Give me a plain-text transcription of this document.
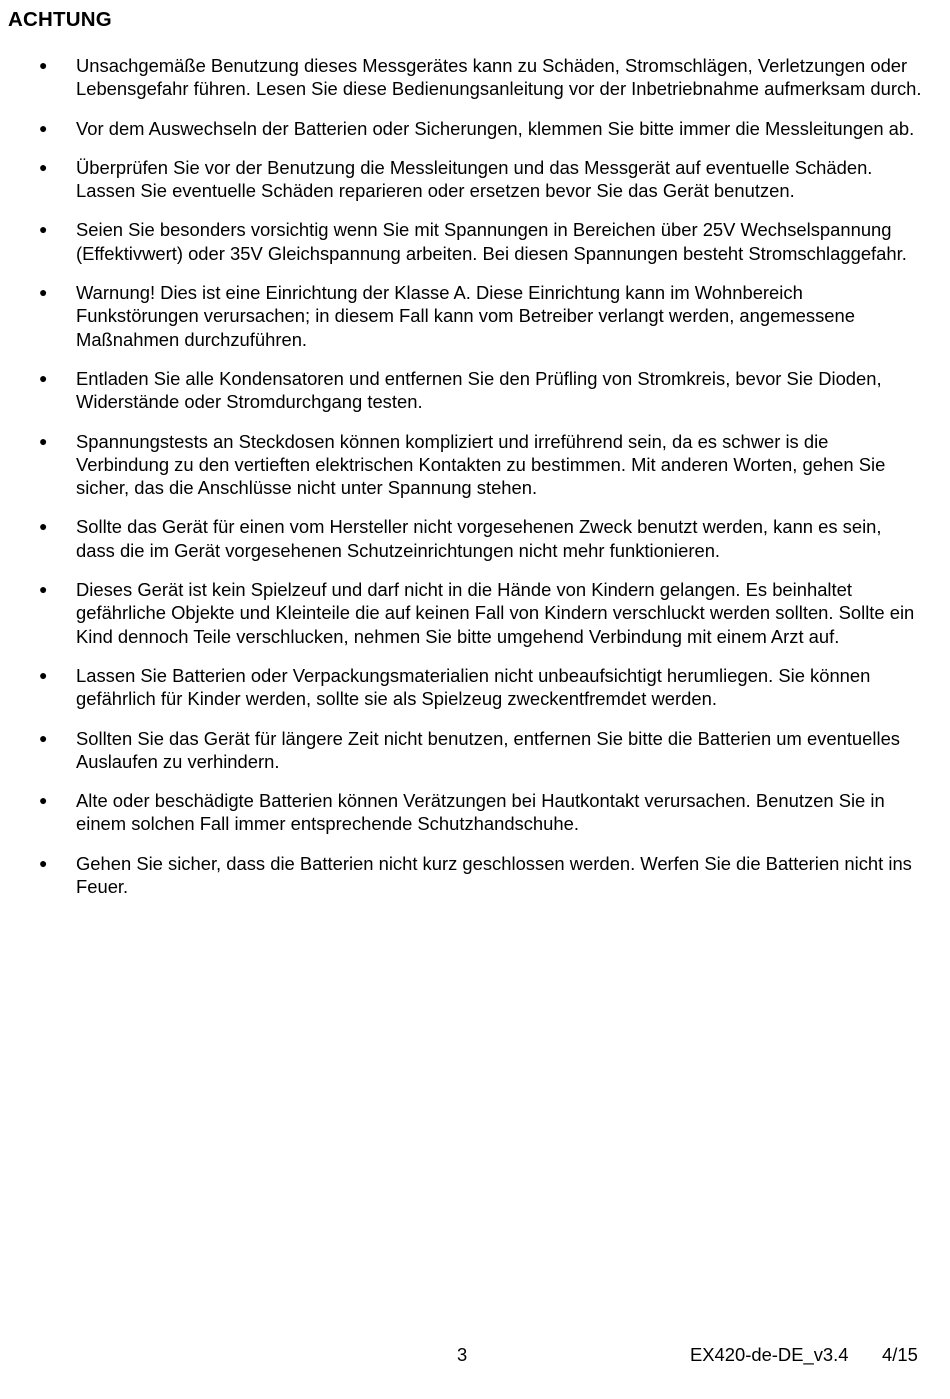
ACHTUNG
●
Unsachgemäße Benutzung dieses Messgerätes kann zu Schäden, Stromschlägen, Verletzungen oder Lebensgefahr führen. Lesen Sie diese Bedienungsanleitung vor der Inbetriebnahme aufmerksam durch.
●
Vor dem Auswechseln der Batterien oder Sicherungen, klemmen Sie bitte immer die Messleitungen ab.
●
Überprüfen Sie vor der Benutzung die Messleitungen und das Messgerät auf eventuelle Schäden. Lassen Sie eventuelle Schäden reparieren oder ersetzen bevor Sie das Gerät benutzen.
●
Seien Sie besonders vorsichtig wenn Sie mit Spannungen in Bereichen über 25V Wechselspannung (Effektivwert) oder 35V Gleichspannung arbeiten. Bei diesen Spannungen besteht Stromschlaggefahr.
●
Warnung! Dies ist eine Einrichtung der Klasse A. Diese Einrichtung kann im Wohnbereich Funkstörungen verursachen; in diesem Fall kann vom Betreiber verlangt werden, angemessene Maßnahmen durchzuführen.
●
Entladen Sie alle Kondensatoren und entfernen Sie den Prüfling von Stromkreis, bevor Sie Dioden, Widerstände oder Stromdurchgang testen.
●
Spannungstests an Steckdosen können kompliziert und irreführend sein, da es schwer is die Verbindung zu den vertieften elektrischen Kontakten zu bestimmen. Mit anderen Worten, gehen Sie sicher, das die Anschlüsse nicht unter Spannung stehen.
●
Sollte das Gerät für einen vom Hersteller nicht vorgesehenen Zweck benutzt werden, kann es sein, dass die im Gerät vorgesehenen Schutzeinrichtungen nicht mehr funktionieren.
●
Dieses Gerät ist kein Spielzeuf und darf nicht in die Hände von Kindern gelangen. Es beinhaltet gefährliche Objekte und Kleinteile die auf keinen Fall von Kindern verschluckt werden sollten. Sollte ein Kind dennoch Teile verschlucken, nehmen Sie bitte umgehend Verbindung mit einem Arzt auf.
●
Lassen Sie Batterien oder Verpackungsmaterialien nicht unbeaufsichtigt herumliegen. Sie können gefährlich für Kinder werden, sollte sie als Spielzeug zweckentfremdet werden.
●
Sollten Sie das Gerät für längere Zeit nicht benutzen, entfernen Sie bitte die Batterien um eventuelles Auslaufen zu verhindern.
●
Alte oder beschädigte Batterien können Verätzungen bei Hautkontakt verursachen. Benutzen Sie in einem solchen Fall immer entsprechende Schutzhandschuhe.
●
Gehen Sie sicher, dass die Batterien nicht kurz geschlossen werden. Werfen Sie die Batterien nicht ins Feuer.
3	EX420-de-DE_v3.4 4/15
